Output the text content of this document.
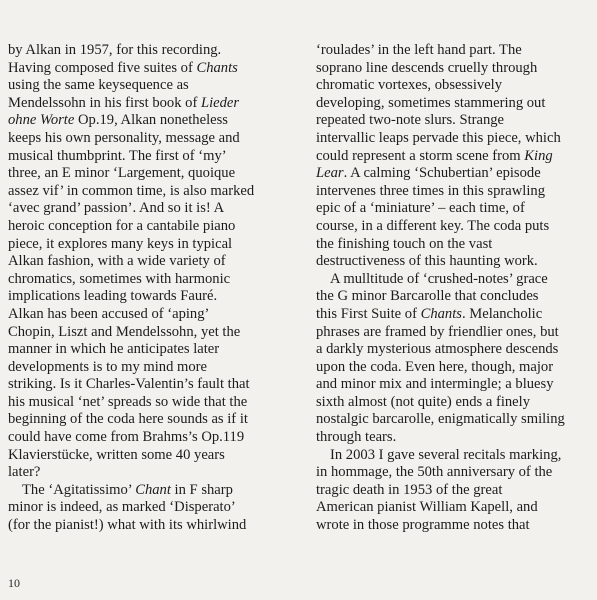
by Alkan in 1957, for this recording.
Having composed five suites of Chants
using the same keysequence as
Mendelssohn in his first book of Lieder
ohne Worte Op.19, Alkan nonetheless
keeps his own personality, message and
musical thumbprint. The first of ‘my’
three, an E minor ‘Largement, quoique
assez vif’ in common time, is also marked
‘avec grand’ passion’. And so it is! A
heroic conception for a cantabile piano
piece, it explores many keys in typical
Alkan fashion, with a wide variety of
chromatics, sometimes with harmonic
implications leading towards Fauré.
Alkan has been accused of ‘aping’
Chopin, Liszt and Mendelssohn, yet the
manner in which he anticipates later
developments is to my mind more
striking. Is it Charles-Valentin’s fault that
his musical ‘net’ spreads so wide that the
beginning of the coda here sounds as if it
could have come from Brahms’s Op.119
Klavierstücke, written some 40 years
later?
The ‘Agitatissimo’ Chant in F sharp
minor is indeed, as marked ‘Disperato’
(for the pianist!) what with its whirlwind
‘roulades’ in the left hand part. The
soprano line descends cruelly through
chromatic vortexes, obsessively
developing, sometimes stammering out
repeated two-note slurs. Strange
intervallic leaps pervade this piece, which
could represent a storm scene from King
Lear. A calming ‘Schubertian’ episode
intervenes three times in this sprawling
epic of a ‘miniature’ – each time, of
course, in a different key. The coda puts
the finishing touch on the vast
destructiveness of this haunting work.
A mulltitude of ‘crushed-notes’ grace
the G minor Barcarolle that concludes
this First Suite of Chants. Melancholic
phrases are framed by friendlier ones, but
a darkly mysterious atmosphere descends
upon the coda. Even here, though, major
and minor mix and intermingle; a bluesy
sixth almost (not quite) ends a finely
nostalgic barcarolle, enigmatically smiling
through tears.
In 2003 I gave several recitals marking,
in hommage, the 50th anniversary of the
tragic death in 1953 of the great
American pianist William Kapell, and
wrote in those programme notes that
10
